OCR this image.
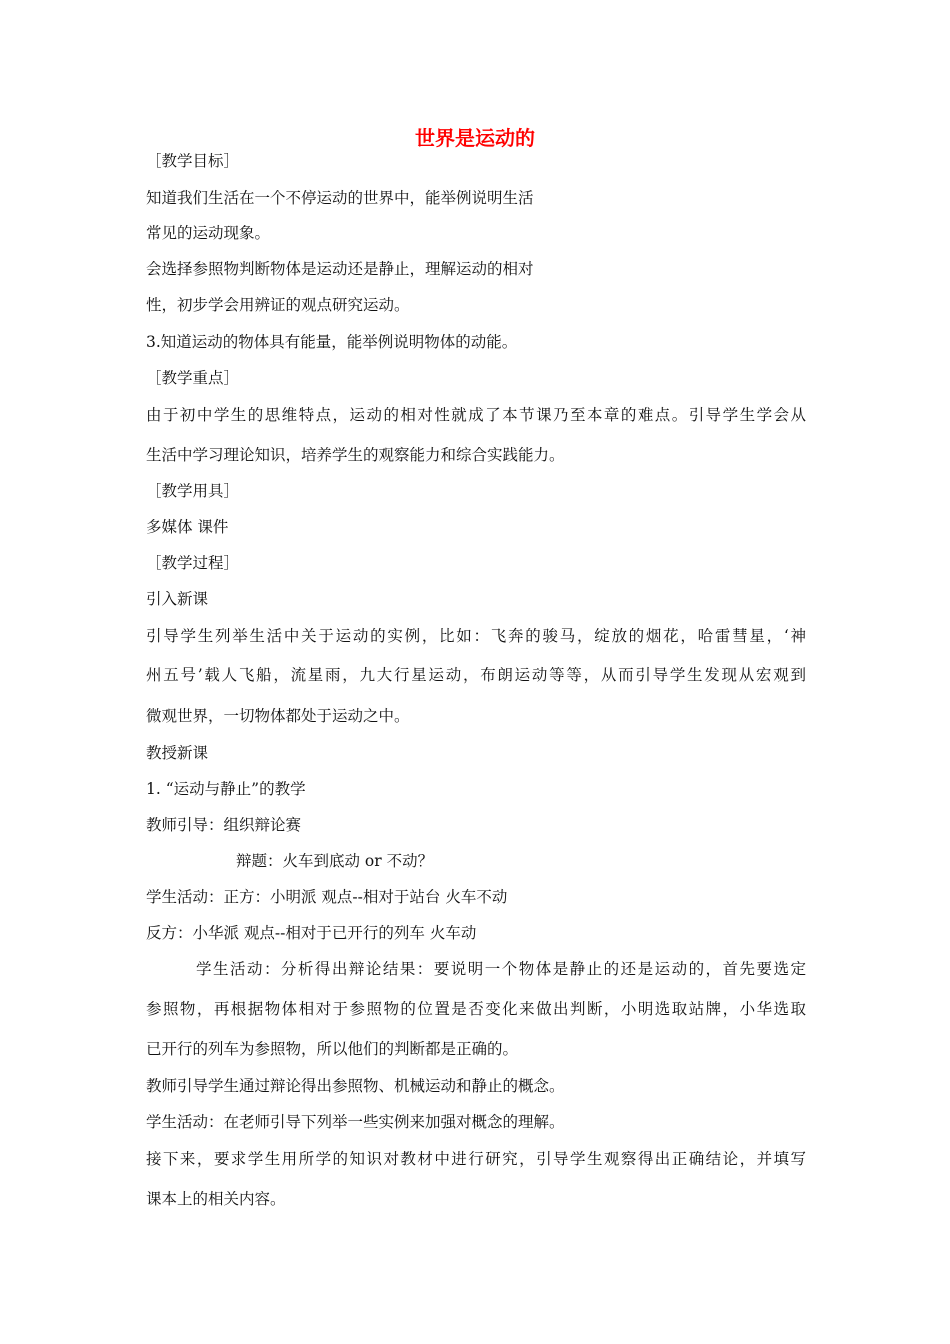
世界是运动的
［教学目标］
知道我们生活在一个不停运动的世界中，能举例说明生活
常见的运动现象。
会选择参照物判断物体是运动还是静止，理解运动的相对
性，初步学会用辨证的观点研究运动。
3.知道运动的物体具有能量，能举例说明物体的动能。
［教学重点］
由于初中学生的思维特点，运动的相对性就成了本节课乃至本章的难点。引导学生学会从
生活中学习理论知识，培养学生的观察能力和综合实践能力。
［教学用具］
多媒体 课件
［教学过程］
引入新课
引导学生列举生活中关于运动的实例，比如：飞奔的骏马，绽放的烟花，哈雷彗星，‘神
州五号’载人飞船，流星雨，九大行星运动，布朗运动等等，从而引导学生发现从宏观到
微观世界，一切物体都处于运动之中。
教授新课
1. “运动与静止”的教学
教师引导：组织辩论赛
辩题：火车到底动 or 不动？
学生活动：正方：小明派 观点--相对于站台 火车不动
反方：小华派 观点--相对于已开行的列车 火车动
学生活动：分析得出辩论结果：要说明一个物体是静止的还是运动的，首先要选定
参照物，再根据物体相对于参照物的位置是否变化来做出判断，小明选取站牌，小华选取
已开行的列车为参照物，所以他们的判断都是正确的。
教师引导学生通过辩论得出参照物、机械运动和静止的概念。
学生活动：在老师引导下列举一些实例来加强对概念的理解。
接下来，要求学生用所学的知识对教材中进行研究，引导学生观察得出正确结论，并填写
课本上的相关内容。
